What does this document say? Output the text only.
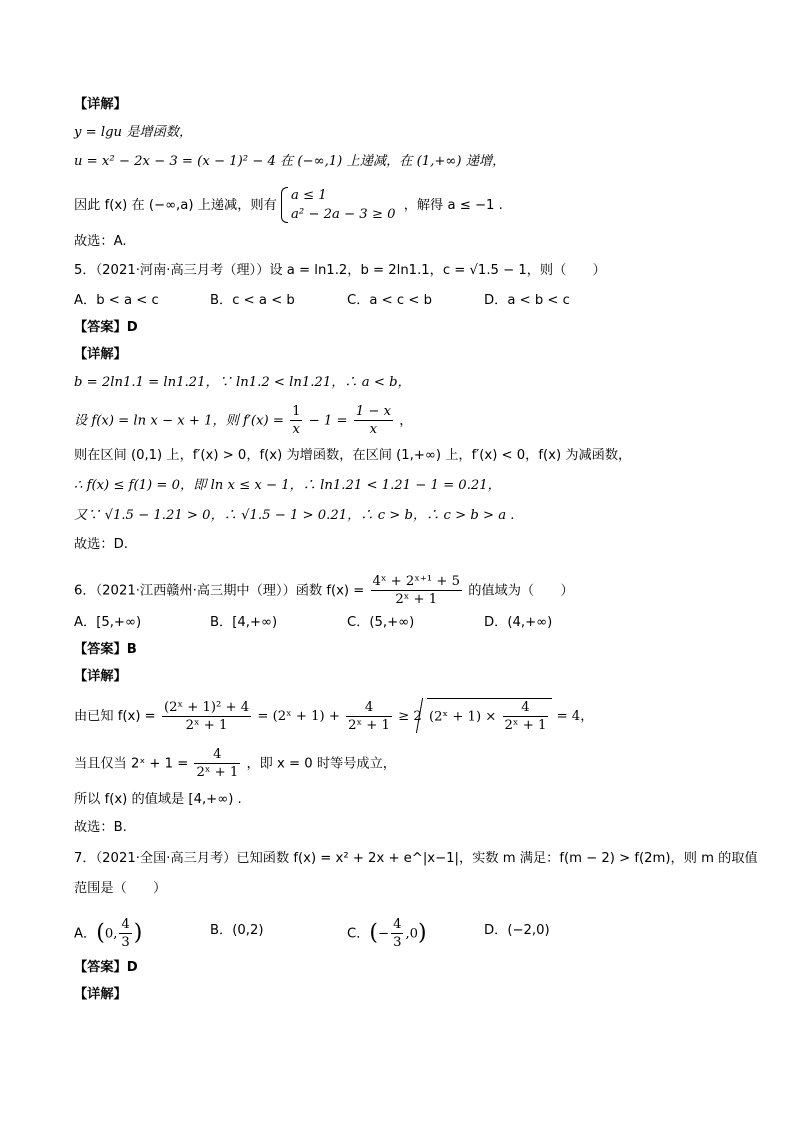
【详解】
y = lgu 是增函数，
u = x² − 2x − 3 = (x − 1)² − 4 在 (−∞,1) 上递减，在 (1,+∞) 递增，
因此 f(x) 在 (−∞,a) 上递减，则有
a ≤ 1
a² − 2a − 3 ≥ 0
，解得 a ≤ −1 .
故选：A.
5．（2021·河南·高三月考（理））设 a = ln1.2，b = 2ln1.1，c = √1.5 − 1，则（　　）
A．b < a < c	B．c < a < b	C．a < c < b	D．a < b < c
【答案】D
【详解】
b = 2ln1.1 = ln1.21，∵ ln1.2 < ln1.21，∴ a < b，
设 f(x) = ln x − x + 1，则 $f'(x) = \frac{1}{x} - 1 = \frac{1 - x}{x}$ ，
则在区间 (0,1) 上，f′(x) > 0，f(x) 为增函数，在区间 (1,+∞) 上，f′(x) < 0，f(x) 为减函数，
∴ f(x) ≤ f(1) = 0，即 ln x ≤ x − 1，∴ ln1.21 < 1.21 − 1 = 0.21，
又∵ √1.5 − 1.21 > 0，∴ √1.5 − 1 > 0.21，∴ c > b，∴ c > b > a .
故选：D.
6．（2021·江西赣州·高三期中（理））函数 $f(x) = \frac{\text{4ˣ + 2ˣ⁺¹ + 5}}{\text{2ˣ + 1}}$ 的值域为（　　）
A．[5,+∞)	B．[4,+∞)	C．(5,+∞)	D．(4,+∞)
【答案】B
【详解】
由已知 $f(x) = \frac{\text{(2ˣ + 1)² + 4}}{\text{2ˣ + 1}}$ = (2ˣ + $1) + \frac{4}{\text{2ˣ + 1}} \ge 2$ (2ˣ + $1) \times \frac{4}{\text{2ˣ + 1}} = 4$，
当且仅当 2ˣ + $1 = \frac{4}{\text{2ˣ + 1}}$ ，即 x = 0 时等号成立，
所以 f(x) 的值域是 [4,+∞) .
故选：B.
7．（2021·全国·高三月考）已知函数 f(x) = x² + 2x + e^|x−1|，实数 m 满足：f(m − 2) > f(2m)，则 m 的取值
范围是（　　）
A．(0, $\frac{4}{3}$ )	B．(0,2)	C．(− $\frac{4}{3} ,0$)	D．(−2,0)
【答案】D
【详解】
